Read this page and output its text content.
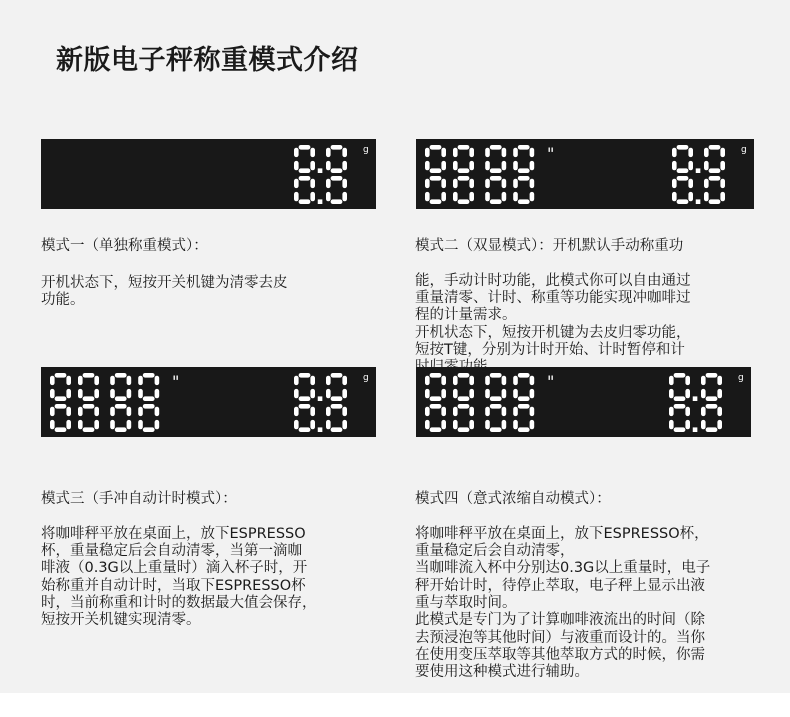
新版电子秤称重模式介绍
g	g
"
g
"	g
"

模式一（单独称重模式）：

开机状态下，短按开关机键为清零去皮
功能。

模式二（双显模式）：开机默认手动称重功

能，手动计时功能，此模式你可以自由通过
重量清零、计时、称重等功能实现冲咖啡过
程的计量需求。
开机状态下，短按开机键为去皮归零功能，
短按T键，分别为计时开始、计时暂停和计
时归零功能。

模式三（手冲自动计时模式）：

将咖啡秤平放在桌面上，放下ESPRESSO
杯，重量稳定后会自动清零，当第一滴咖
啡液（0.3G以上重量时）滴入杯子时，开
始称重并自动计时，当取下ESPRESSO杯
时，当前称重和计时的数据最大值会保存，
短按开关机键实现清零。

模式四（意式浓缩自动模式）：

将咖啡秤平放在桌面上，放下ESPRESSO杯，
重量稳定后会自动清零，
当咖啡流入杯中分别达0.3G以上重量时，电子
秤开始计时，待停止萃取，电子秤上显示出液
重与萃取时间。
此模式是专门为了计算咖啡液流出的时间（除
去预浸泡等其他时间）与液重而设计的。当你
在使用变压萃取等其他萃取方式的时候，你需
要使用这种模式进行辅助。
